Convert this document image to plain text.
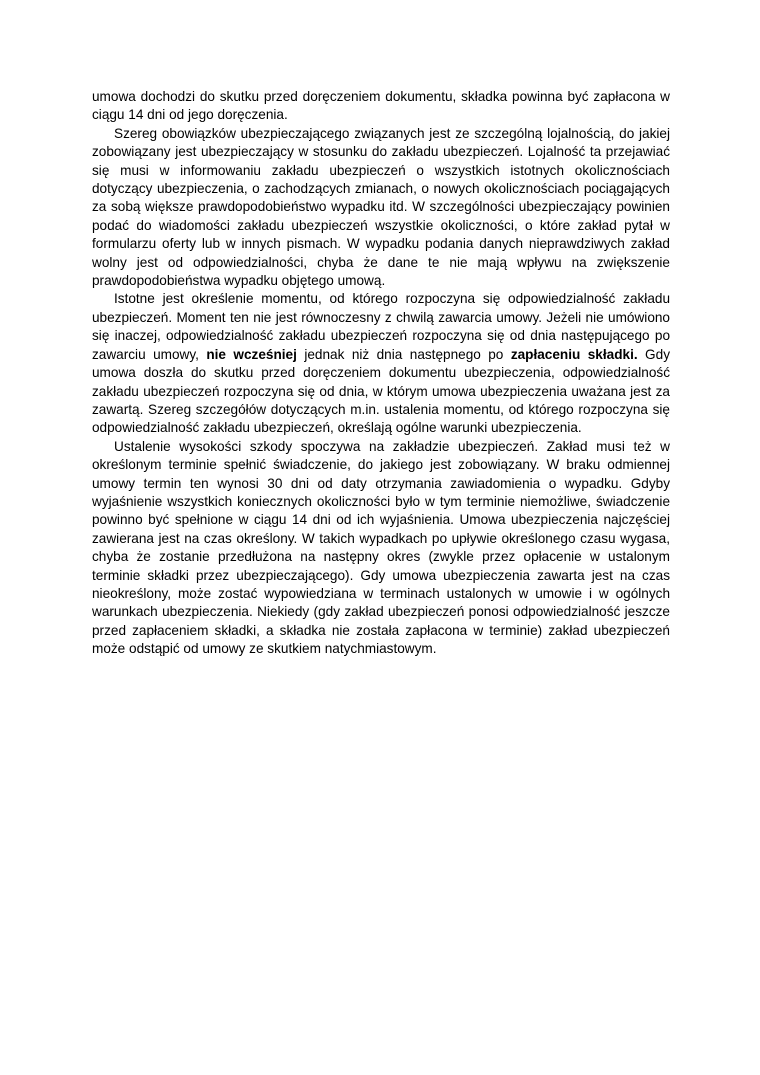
umowa dochodzi do skutku przed doręczeniem dokumentu, składka powinna być zapłacona w ciągu 14 dni od jego doręczenia.

Szereg obowiązków ubezpieczającego związanych jest ze szczególną lojalnością, do jakiej zobowiązany jest ubezpieczający w stosunku do zakładu ubezpieczeń. Lojalność ta przejawiać się musi w informowaniu zakładu ubezpieczeń o wszystkich istotnych okolicznościach dotyczący ubezpieczenia, o zachodzących zmianach, o nowych okolicznościach pociągających za sobą większe prawdopodobieństwo wypadku itd. W szczególności ubezpieczający powinien podać do wiadomości zakładu ubezpieczeń wszystkie okoliczności, o które zakład pytał w formularzu oferty lub w innych pismach. W wypadku podania danych nieprawdziwych zakład wolny jest od odpowiedzialności, chyba że dane te nie mają wpływu na zwiększenie prawdopodobieństwa wypadku objętego umową.

Istotne jest określenie momentu, od którego rozpoczyna się odpowiedzialność zakładu ubezpieczeń. Moment ten nie jest równoczesny z chwilą zawarcia umowy. Jeżeli nie umówiono się inaczej, odpowiedzialność zakładu ubezpieczeń rozpoczyna się od dnia następującego po zawarciu umowy, nie wcześniej jednak niż dnia następnego po zapłaceniu składki. Gdy umowa doszła do skutku przed doręczeniem dokumentu ubezpieczenia, odpowiedzialność zakładu ubezpieczeń rozpoczyna się od dnia, w którym umowa ubezpieczenia uważana jest za zawartą. Szereg szczegółów dotyczących m.in. ustalenia momentu, od którego rozpoczyna się odpowiedzialność zakładu ubezpieczeń, określają ogólne warunki ubezpieczenia.

Ustalenie wysokości szkody spoczywa na zakładzie ubezpieczeń. Zakład musi też w określonym terminie spełnić świadczenie, do jakiego jest zobowiązany. W braku odmiennej umowy termin ten wynosi 30 dni od daty otrzymania zawiadomienia o wypadku. Gdyby wyjaśnienie wszystkich koniecznych okoliczności było w tym terminie niemożliwe, świadczenie powinno być spełnione w ciągu 14 dni od ich wyjaśnienia. Umowa ubezpieczenia najczęściej zawierana jest na czas określony. W takich wypadkach po upływie określonego czasu wygasa, chyba że zostanie przedłużona na następny okres (zwykle przez opłacenie w ustalonym terminie składki przez ubezpieczającego). Gdy umowa ubezpieczenia zawarta jest na czas nieokreślony, może zostać wypowiedziana w terminach ustalonych w umowie i w ogólnych warunkach ubezpieczenia. Niekiedy (gdy zakład ubezpieczeń ponosi odpowiedzialność jeszcze przed zapłaceniem składki, a składka nie została zapłacona w terminie) zakład ubezpieczeń może odstąpić od umowy ze skutkiem natychmiastowym.
